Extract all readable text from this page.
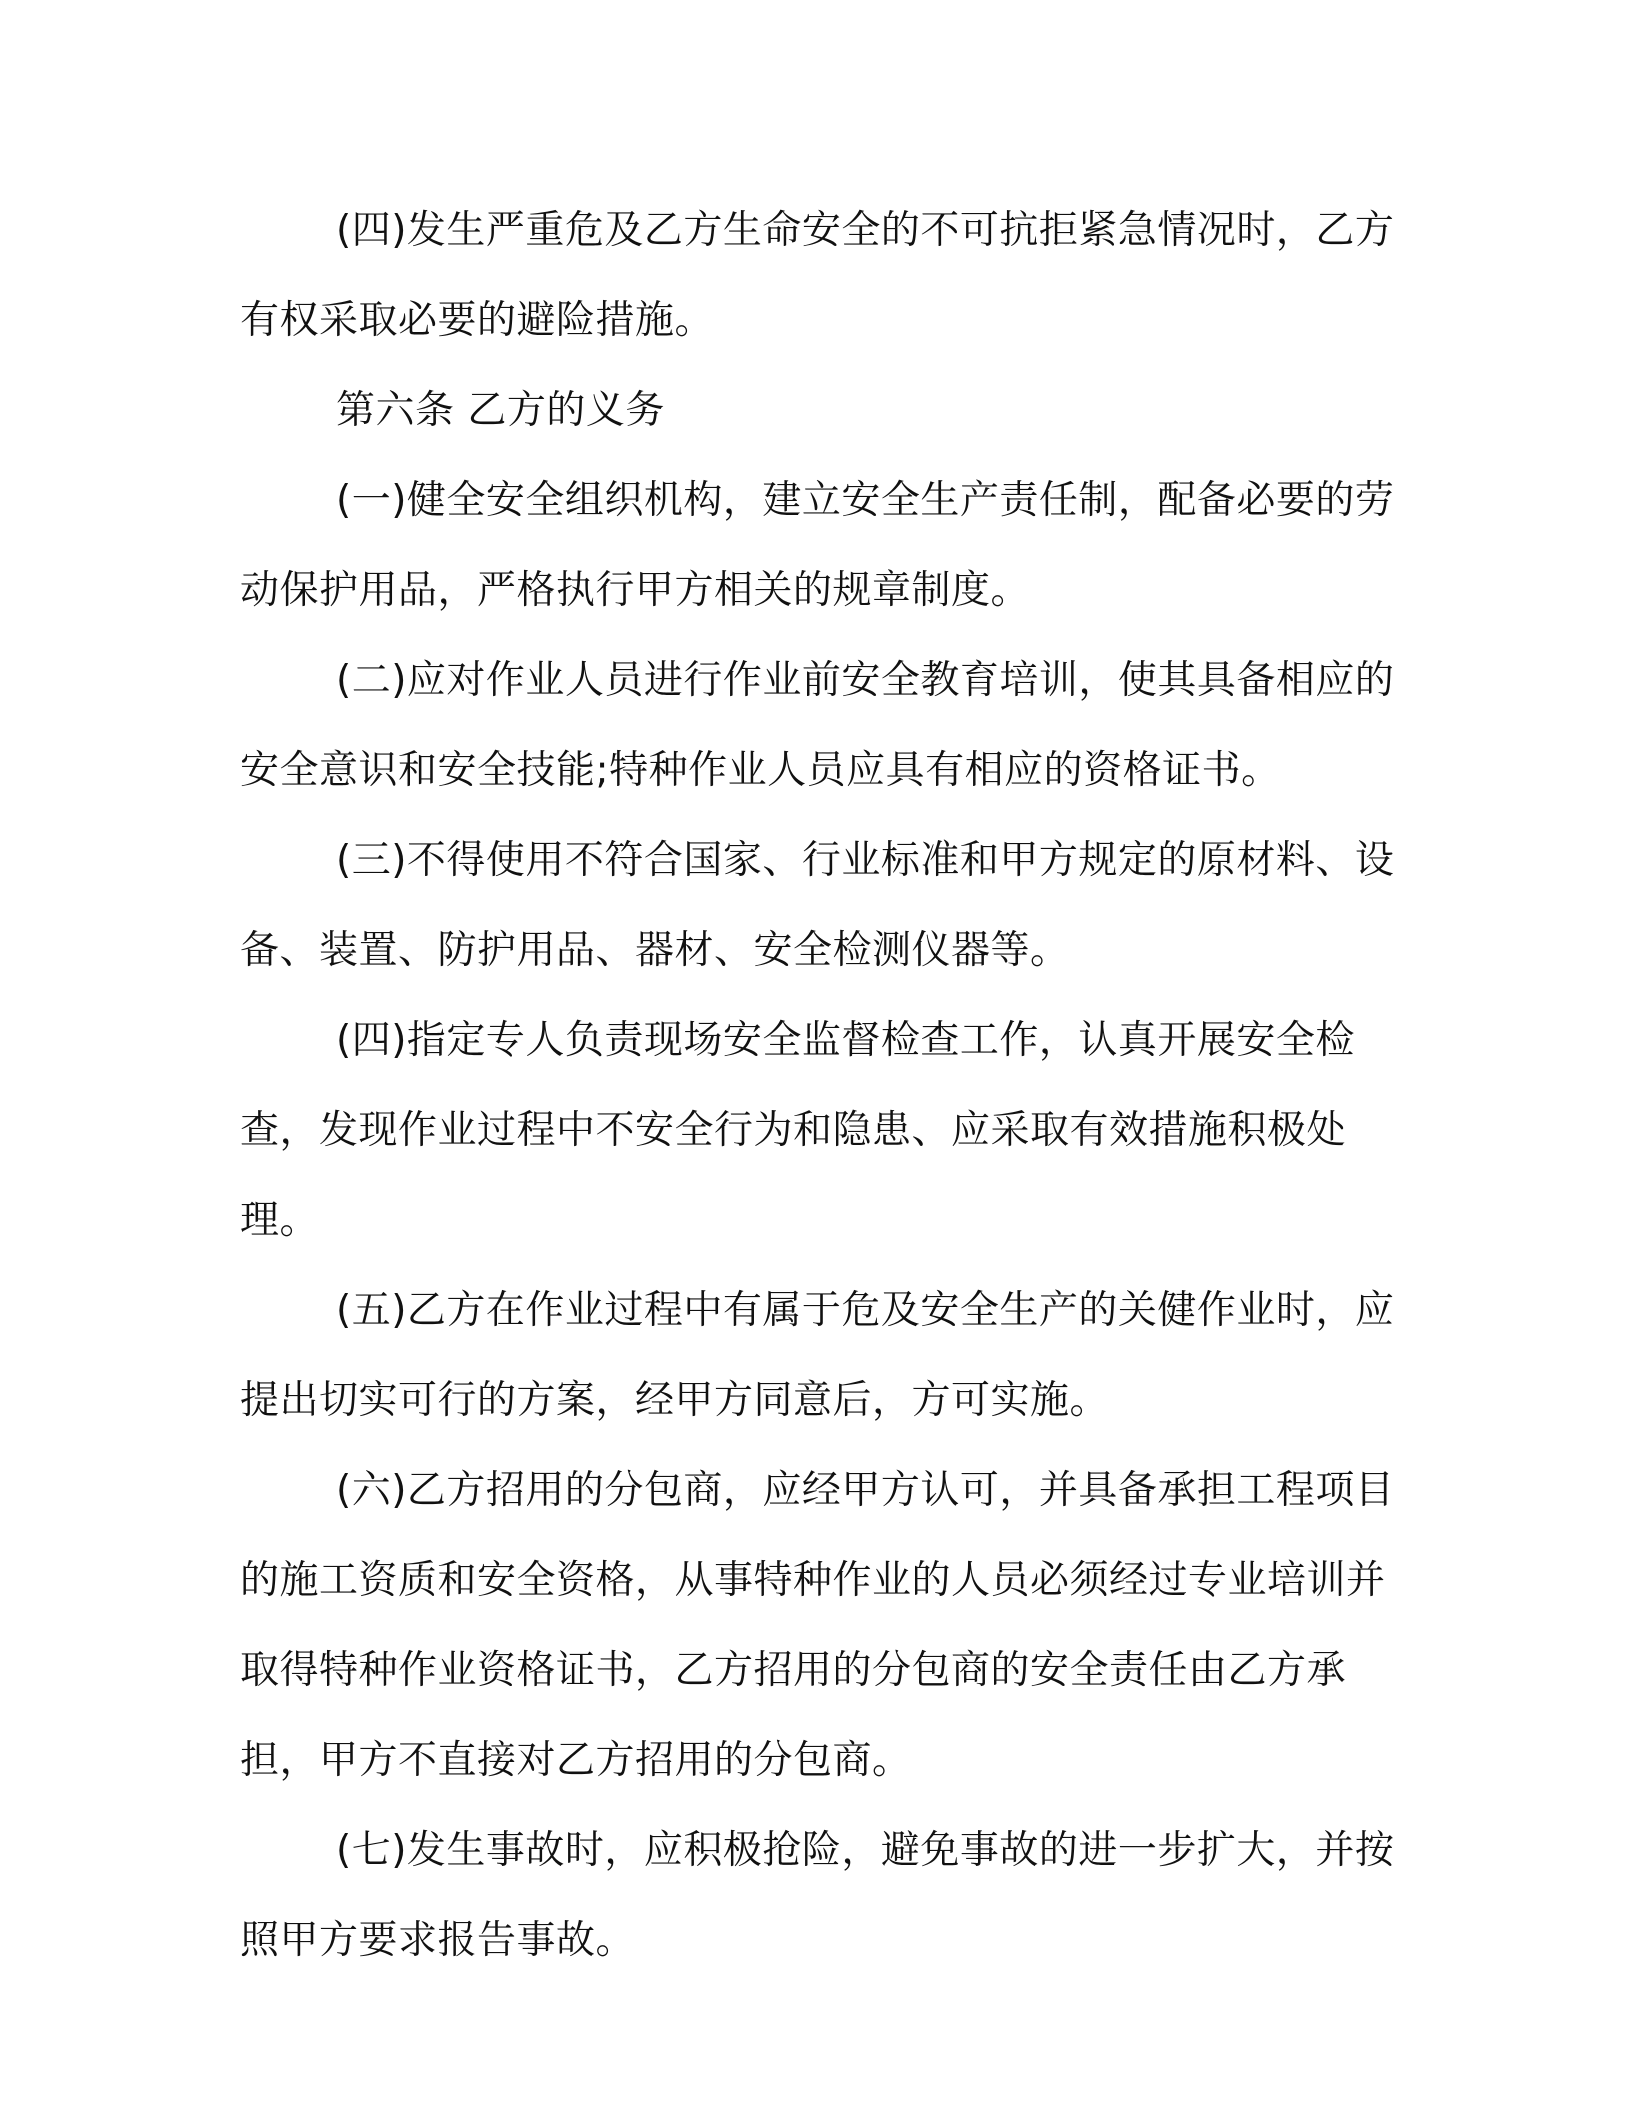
(四)发生严重危及乙方生命安全的不可抗拒紧急情况时，乙方有权采取必要的避险措施。

第六条 乙方的义务

(一)健全安全组织机构，建立安全生产责任制，配备必要的劳动保护用品，严格执行甲方相关的规章制度。

(二)应对作业人员进行作业前安全教育培训，使其具备相应的安全意识和安全技能;特种作业人员应具有相应的资格证书。

(三)不得使用不符合国家、行业标准和甲方规定的原材料、设备、装置、防护用品、器材、安全检测仪器等。

(四)指定专人负责现场安全监督检查工作，认真开展安全检查，发现作业过程中不安全行为和隐患、应采取有效措施积极处理。

(五)乙方在作业过程中有属于危及安全生产的关健作业时，应提出切实可行的方案，经甲方同意后，方可实施。

(六)乙方招用的分包商，应经甲方认可，并具备承担工程项目的施工资质和安全资格，从事特种作业的人员必须经过专业培训并取得特种作业资格证书，乙方招用的分包商的安全责任由乙方承 担，甲方不直接对乙方招用的分包商。

(七)发生事故时，应积极抢险，避免事故的进一步扩大，并按照甲方要求报告事故。
